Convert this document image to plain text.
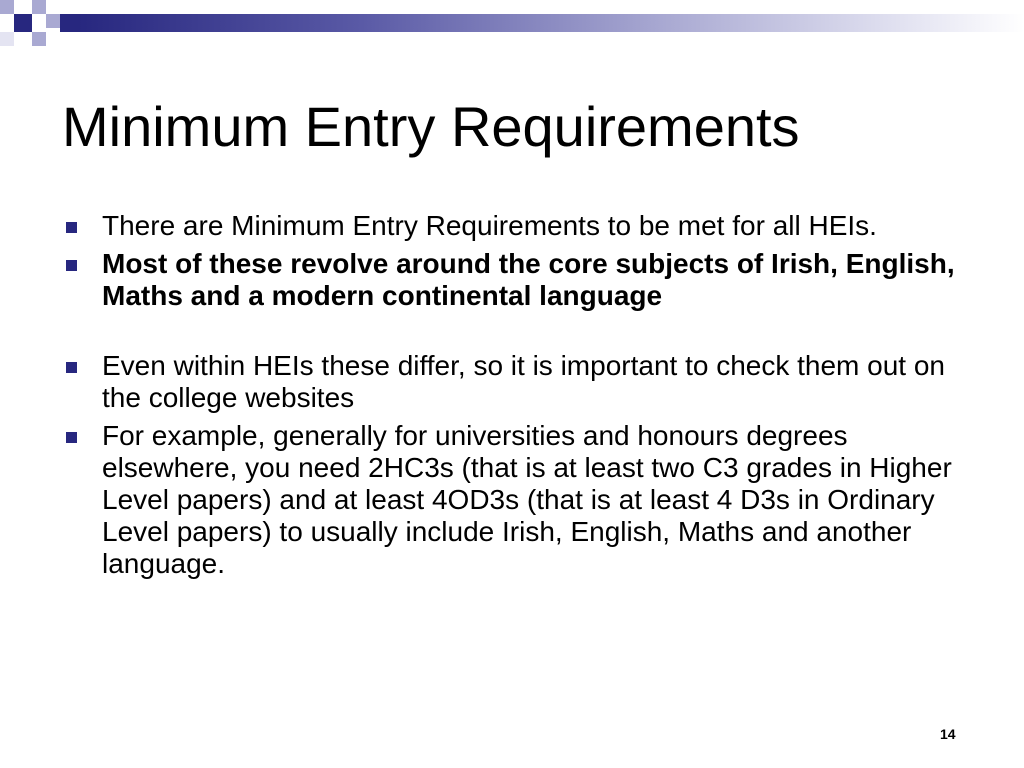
Minimum Entry Requirements
There are Minimum Entry Requirements to be met for all HEIs.
Most of these revolve around the core subjects of Irish, English, Maths and a modern continental language
Even within HEIs these differ, so it is important to check them out on the college websites
For example, generally for universities and honours degrees elsewhere, you need 2HC3s (that is at least two C3 grades in Higher Level papers) and at least 4OD3s (that is at least 4 D3s in Ordinary Level papers) to usually include Irish, English, Maths and another language.
14
